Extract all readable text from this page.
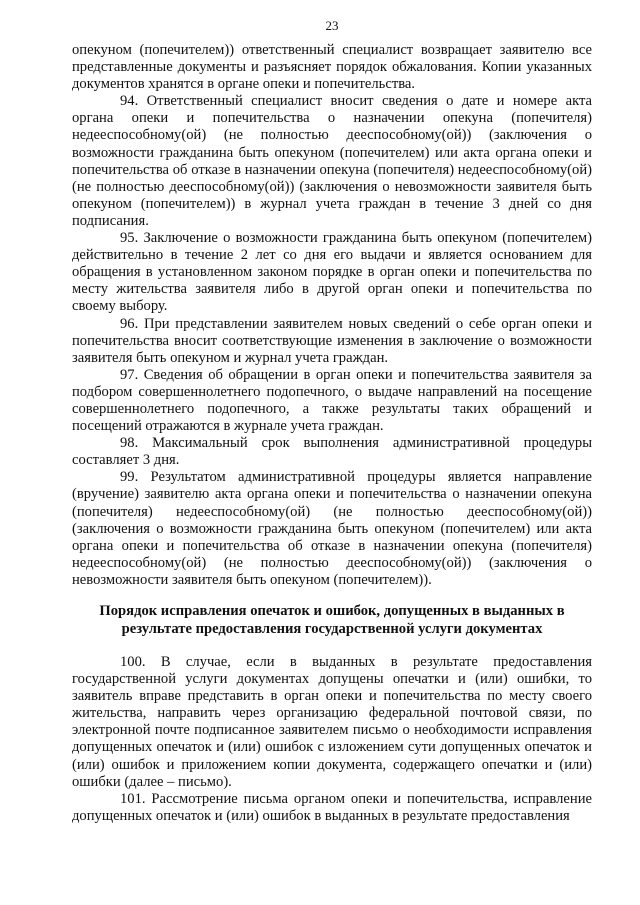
23

опекуном (попечителем)) ответственный специалист возвращает заявителю все представленные документы и разъясняет порядок обжалования. Копии указанных документов хранятся в органе опеки и попечительства.

94. Ответственный специалист вносит сведения о дате и номере акта органа опеки и попечительства о назначении опекуна (попечителя) недееспособному(ой) (не полностью дееспособному(ой)) (заключения о возможности гражданина быть опекуном (попечителем) или акта органа опеки и попечительства об отказе в назначении опекуна (попечителя) недееспособному(ой) (не полностью дееспособному(ой)) (заключения о невозможности заявителя быть опекуном (попечителем)) в журнал учета граждан в течение 3 дней со дня подписания.

95. Заключение о возможности гражданина быть опекуном (попечителем) действительно в течение 2 лет со дня его выдачи и является основанием для обращения в установленном законом порядке в орган опеки и попечительства по месту жительства заявителя либо в другой орган опеки и попечительства по своему выбору.

96. При представлении заявителем новых сведений о себе орган опеки и попечительства вносит соответствующие изменения в заключение о возможности заявителя быть опекуном и журнал учета граждан.

97. Сведения об обращении в орган опеки и попечительства заявителя за подбором совершеннолетнего подопечного, о выдаче направлений на посещение совершеннолетнего подопечного, а также результаты таких обращений и посещений отражаются в журнале учета граждан.

98. Максимальный срок выполнения административной процедуры составляет 3 дня.

99. Результатом административной процедуры является направление (вручение) заявителю акта органа опеки и попечительства о назначении опекуна (попечителя) недееспособному(ой) (не полностью дееспособному(ой)) (заключения о возможности гражданина быть опекуном (попечителем) или акта органа опеки и попечительства об отказе в назначении опекуна (попечителя) недееспособному(ой) (не полностью дееспособному(ой)) (заключения о невозможности заявителя быть опекуном (попечителем)).

Порядок исправления опечаток и ошибок, допущенных в выданных в результате предоставления государственной услуги документах

100. В случае, если в выданных в результате предоставления государственной услуги документах допущены опечатки и (или) ошибки, то заявитель вправе представить в орган опеки и попечительства по месту своего жительства, направить через организацию федеральной почтовой связи, по электронной почте подписанное заявителем письмо о необходимости исправления допущенных опечаток и (или) ошибок с изложением сути допущенных опечаток и (или) ошибок и приложением копии документа, содержащего опечатки и (или) ошибки (далее – письмо).

101. Рассмотрение письма органом опеки и попечительства, исправление допущенных опечаток и (или) ошибок в выданных в результате предоставления
